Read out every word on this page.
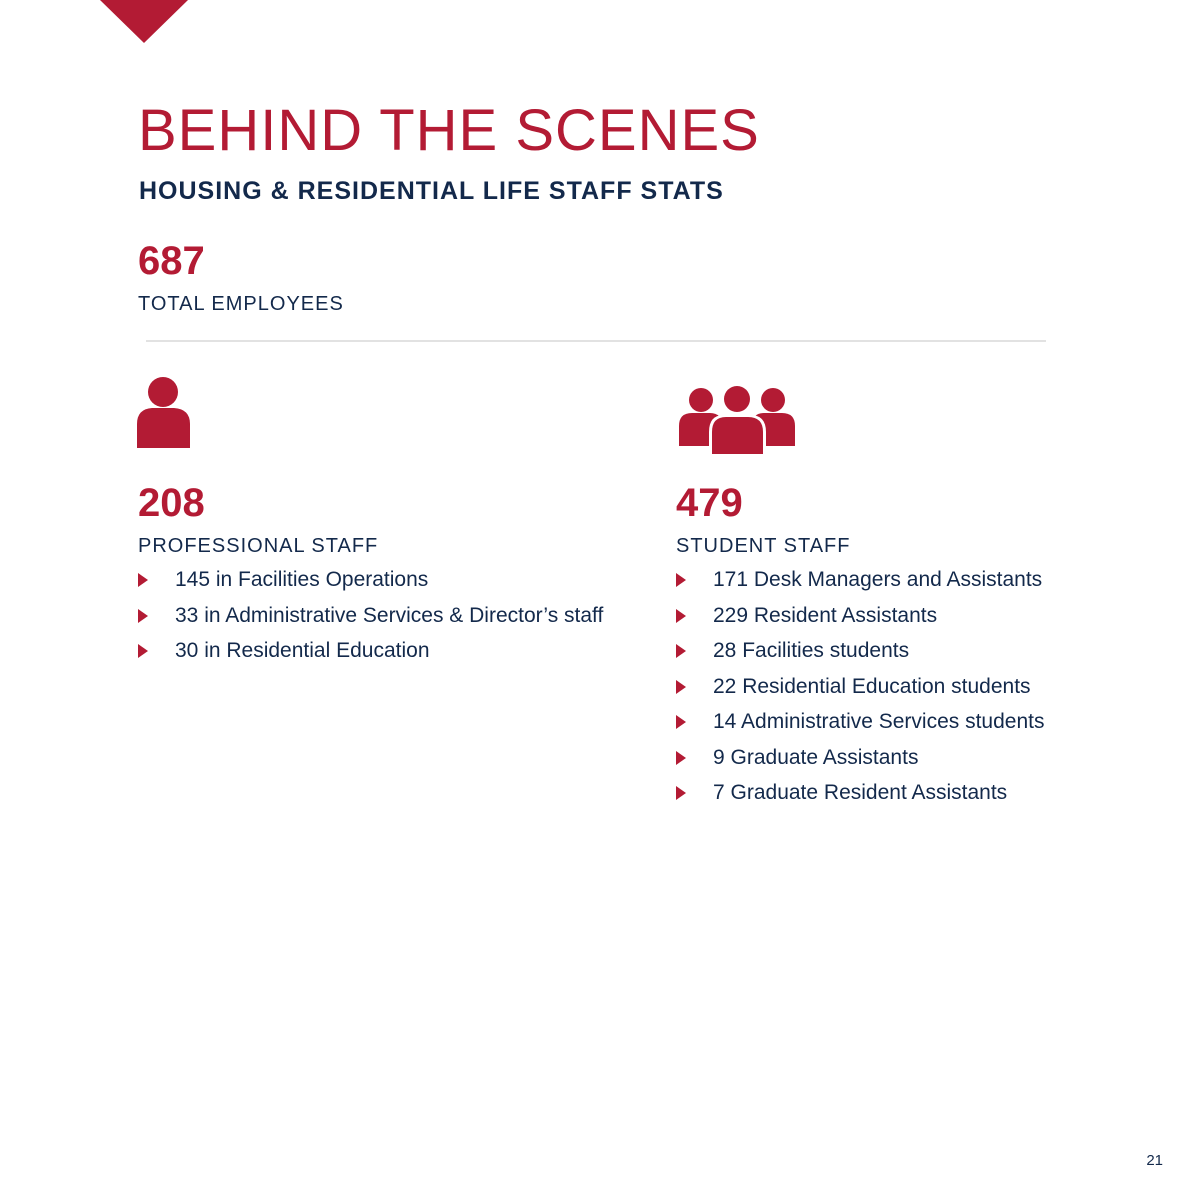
BEHIND THE SCENES
HOUSING & RESIDENTIAL LIFE STAFF STATS
687
TOTAL EMPLOYEES
208
PROFESSIONAL STAFF
145 in Facilities Operations
33 in Administrative Services & Director’s staff
30 in Residential Education
479
STUDENT STAFF
171 Desk Managers and Assistants
229 Resident Assistants
28 Facilities students
22 Residential Education students
14 Administrative Services students
9 Graduate Assistants
7 Graduate Resident Assistants
21
